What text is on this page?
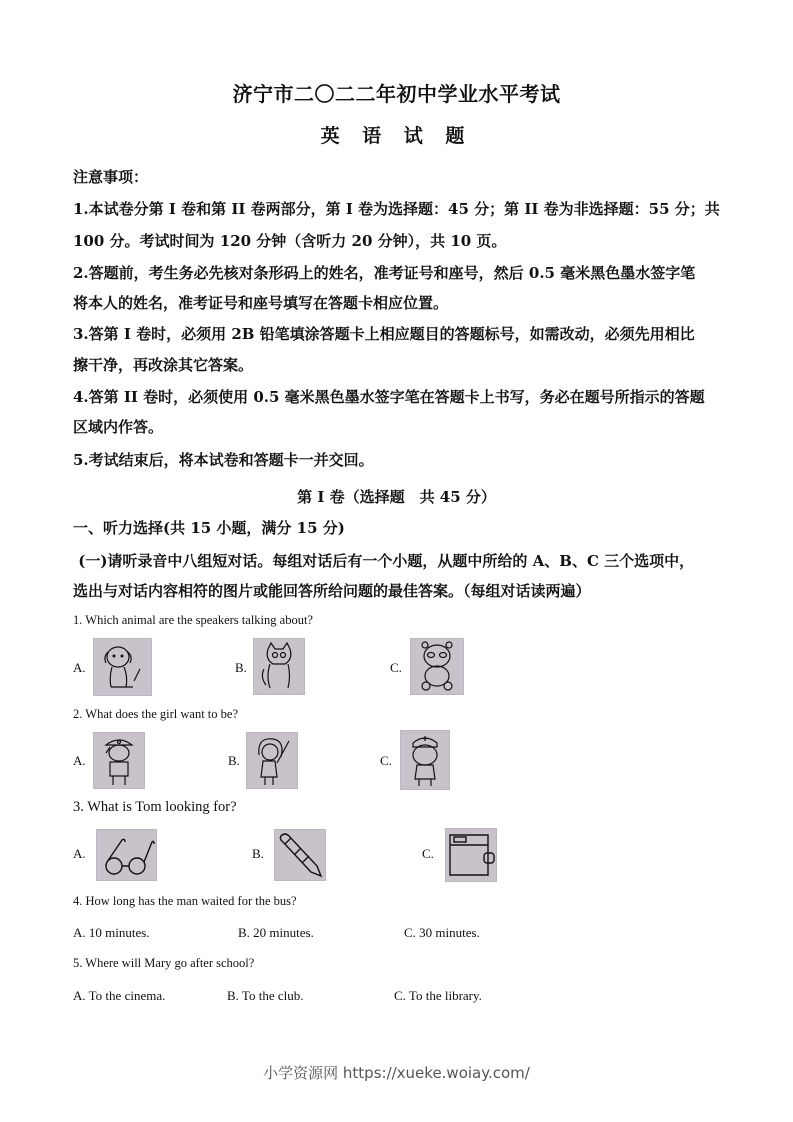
济宁市二〇二二年初中学业水平考试
英 语 试 题
注意事项：
1.本试卷分第 I 卷和第 II 卷两部分，第 I 卷为选择题：45 分；第 II 卷为非选择题：55 分；共
100 分。考试时间为 120 分钟（含听力 20 分钟），共 10 页。
2.答题前，考生务必先核对条形码上的姓名，准考证号和座号，然后 0.5 毫米黑色墨水签字笔
将本人的姓名，准考证号和座号填写在答题卡相应位置。
3.答第 I 卷时，必须用 2B 铅笔填涂答题卡上相应题目的答题标号，如需改动，必须先用相比
擦干净，再改涂其它答案。
4.答第 II 卷时，必须使用 0.5 毫米黑色墨水签字笔在答题卡上书写，务必在题号所指示的答题
区域内作答。
5.考试结束后，将本试卷和答题卡一并交回。
第 I 卷（选择题　共 45 分）
一、听力选择(共 15 小题，满分 15 分)
(一)请听录音中八组短对话。每组对话后有一个小题，从题中所给的 A、B、C 三个选项中，
选出与对话内容相符的图片或能回答所给问题的最佳答案。（每组对话读两遍）
1. Which animal are the speakers talking about?
A.	B.	C.
2. What does the girl want to be?
A.	B.	C.
3. What is Tom looking for?
A.	B.	C.
4. How long has the man waited for the bus?
A. 10 minutes.	B. 20 minutes.	C. 30 minutes.
5. Where will Mary go after school?
A. To the cinema.	B. To the club.	C. To the library.
小学资源网 https://xueke.woiay.com/
